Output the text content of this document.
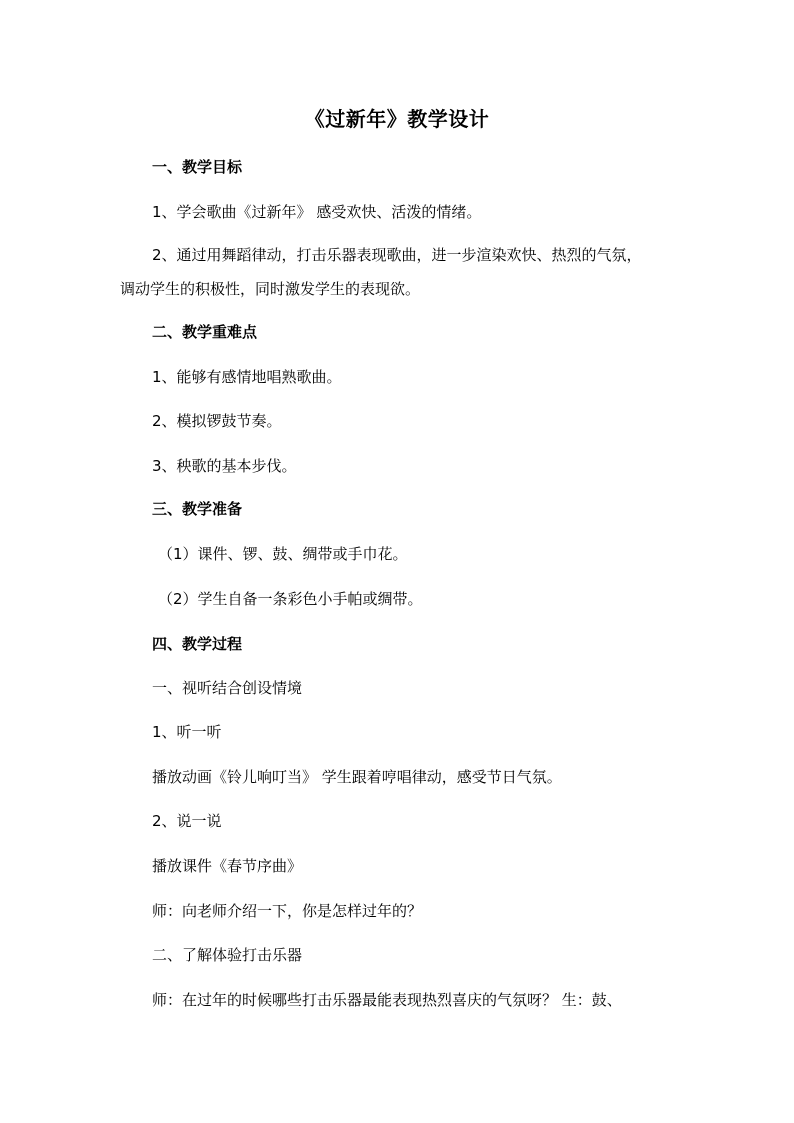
《过新年》教学设计
一、教学目标
1、学会歌曲《过新年》 感受欢快、活泼的情绪。
2、通过用舞蹈律动，打击乐器表现歌曲，进一步渲染欢快、热烈的气氛，
调动学生的积极性，同时激发学生的表现欲。
二、教学重难点
1、能够有感情地唱熟歌曲。
2、模拟锣鼓节奏。
3、秧歌的基本步伐。
三、教学准备
（1）课件、锣、鼓、绸带或手巾花。
（2）学生自备一条彩色小手帕或绸带。
四、教学过程
一、视听结合创设情境
1、听一听
播放动画《铃儿响叮当》 学生跟着哼唱律动，感受节日气氛。
2、说一说
播放课件《春节序曲》
师：向老师介绍一下，你是怎样过年的？
二、了解体验打击乐器
师：在过年的时候哪些打击乐器最能表现热烈喜庆的气氛呀？ 生：鼓、
